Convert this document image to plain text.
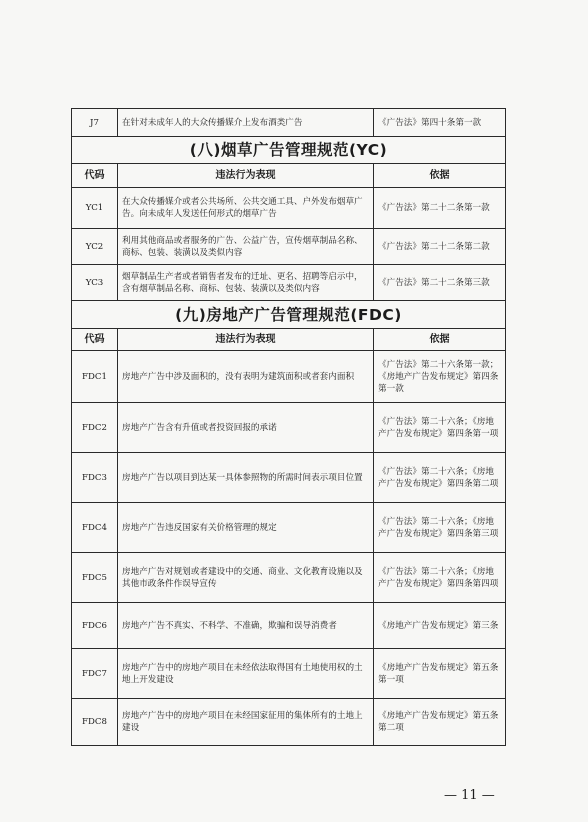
J7	在针对未成年人的大众传播媒介上发布酒类广告	《广告法》第四十条第一款
(八)烟草广告管理规范(YC)		
代码	违法行为表现	依据
YC1	在大众传播媒介或者公共场所、公共交通工具、户外发布烟草广告。向未成年人发送任何形式的烟草广告	《广告法》第二十二条第一款
YC2	利用其他商品或者服务的广告、公益广告，宣传烟草制品名称、商标、包装、装潢以及类似内容	《广告法》第二十二条第二款
YC3	烟草制品生产者或者销售者发布的迁址、更名、招聘等启示中，含有烟草制品名称、商标、包装、装潢以及类似内容	《广告法》第二十二条第三款
(九)房地产广告管理规范(FDC)		
代码	违法行为表现	依据
FDC1	房地产广告中涉及面积的，没有表明为建筑面积或者套内面积	《广告法》第二十六条第一款；《房地产广告发布规定》第四条第一款
FDC2	房地产广告含有升值或者投资回报的承诺	《广告法》第二十六条；《房地产广告发布规定》第四条第一项
FDC3	房地产广告以项目到达某一具体参照物的所需时间表示项目位置	《广告法》第二十六条；《房地产广告发布规定》第四条第二项
FDC4	房地产广告违反国家有关价格管理的规定	《广告法》第二十六条；《房地产广告发布规定》第四条第三项
FDC5	房地产广告对规划或者建设中的交通、商业、文化教育设施以及其他市政条件作误导宣传	《广告法》第二十六条；《房地产广告发布规定》第四条第四项
FDC6	房地产广告不真实、不科学、不准确，欺骗和误导消费者	《房地产广告发布规定》第三条
FDC7	房地产广告中的房地产项目在未经依法取得国有土地使用权的土地上开发建设	《房地产广告发布规定》第五条第一项
FDC8	房地产广告中的房地产项目在未经国家征用的集体所有的土地上建设	《房地产广告发布规定》第五条第二项
— 11 —
